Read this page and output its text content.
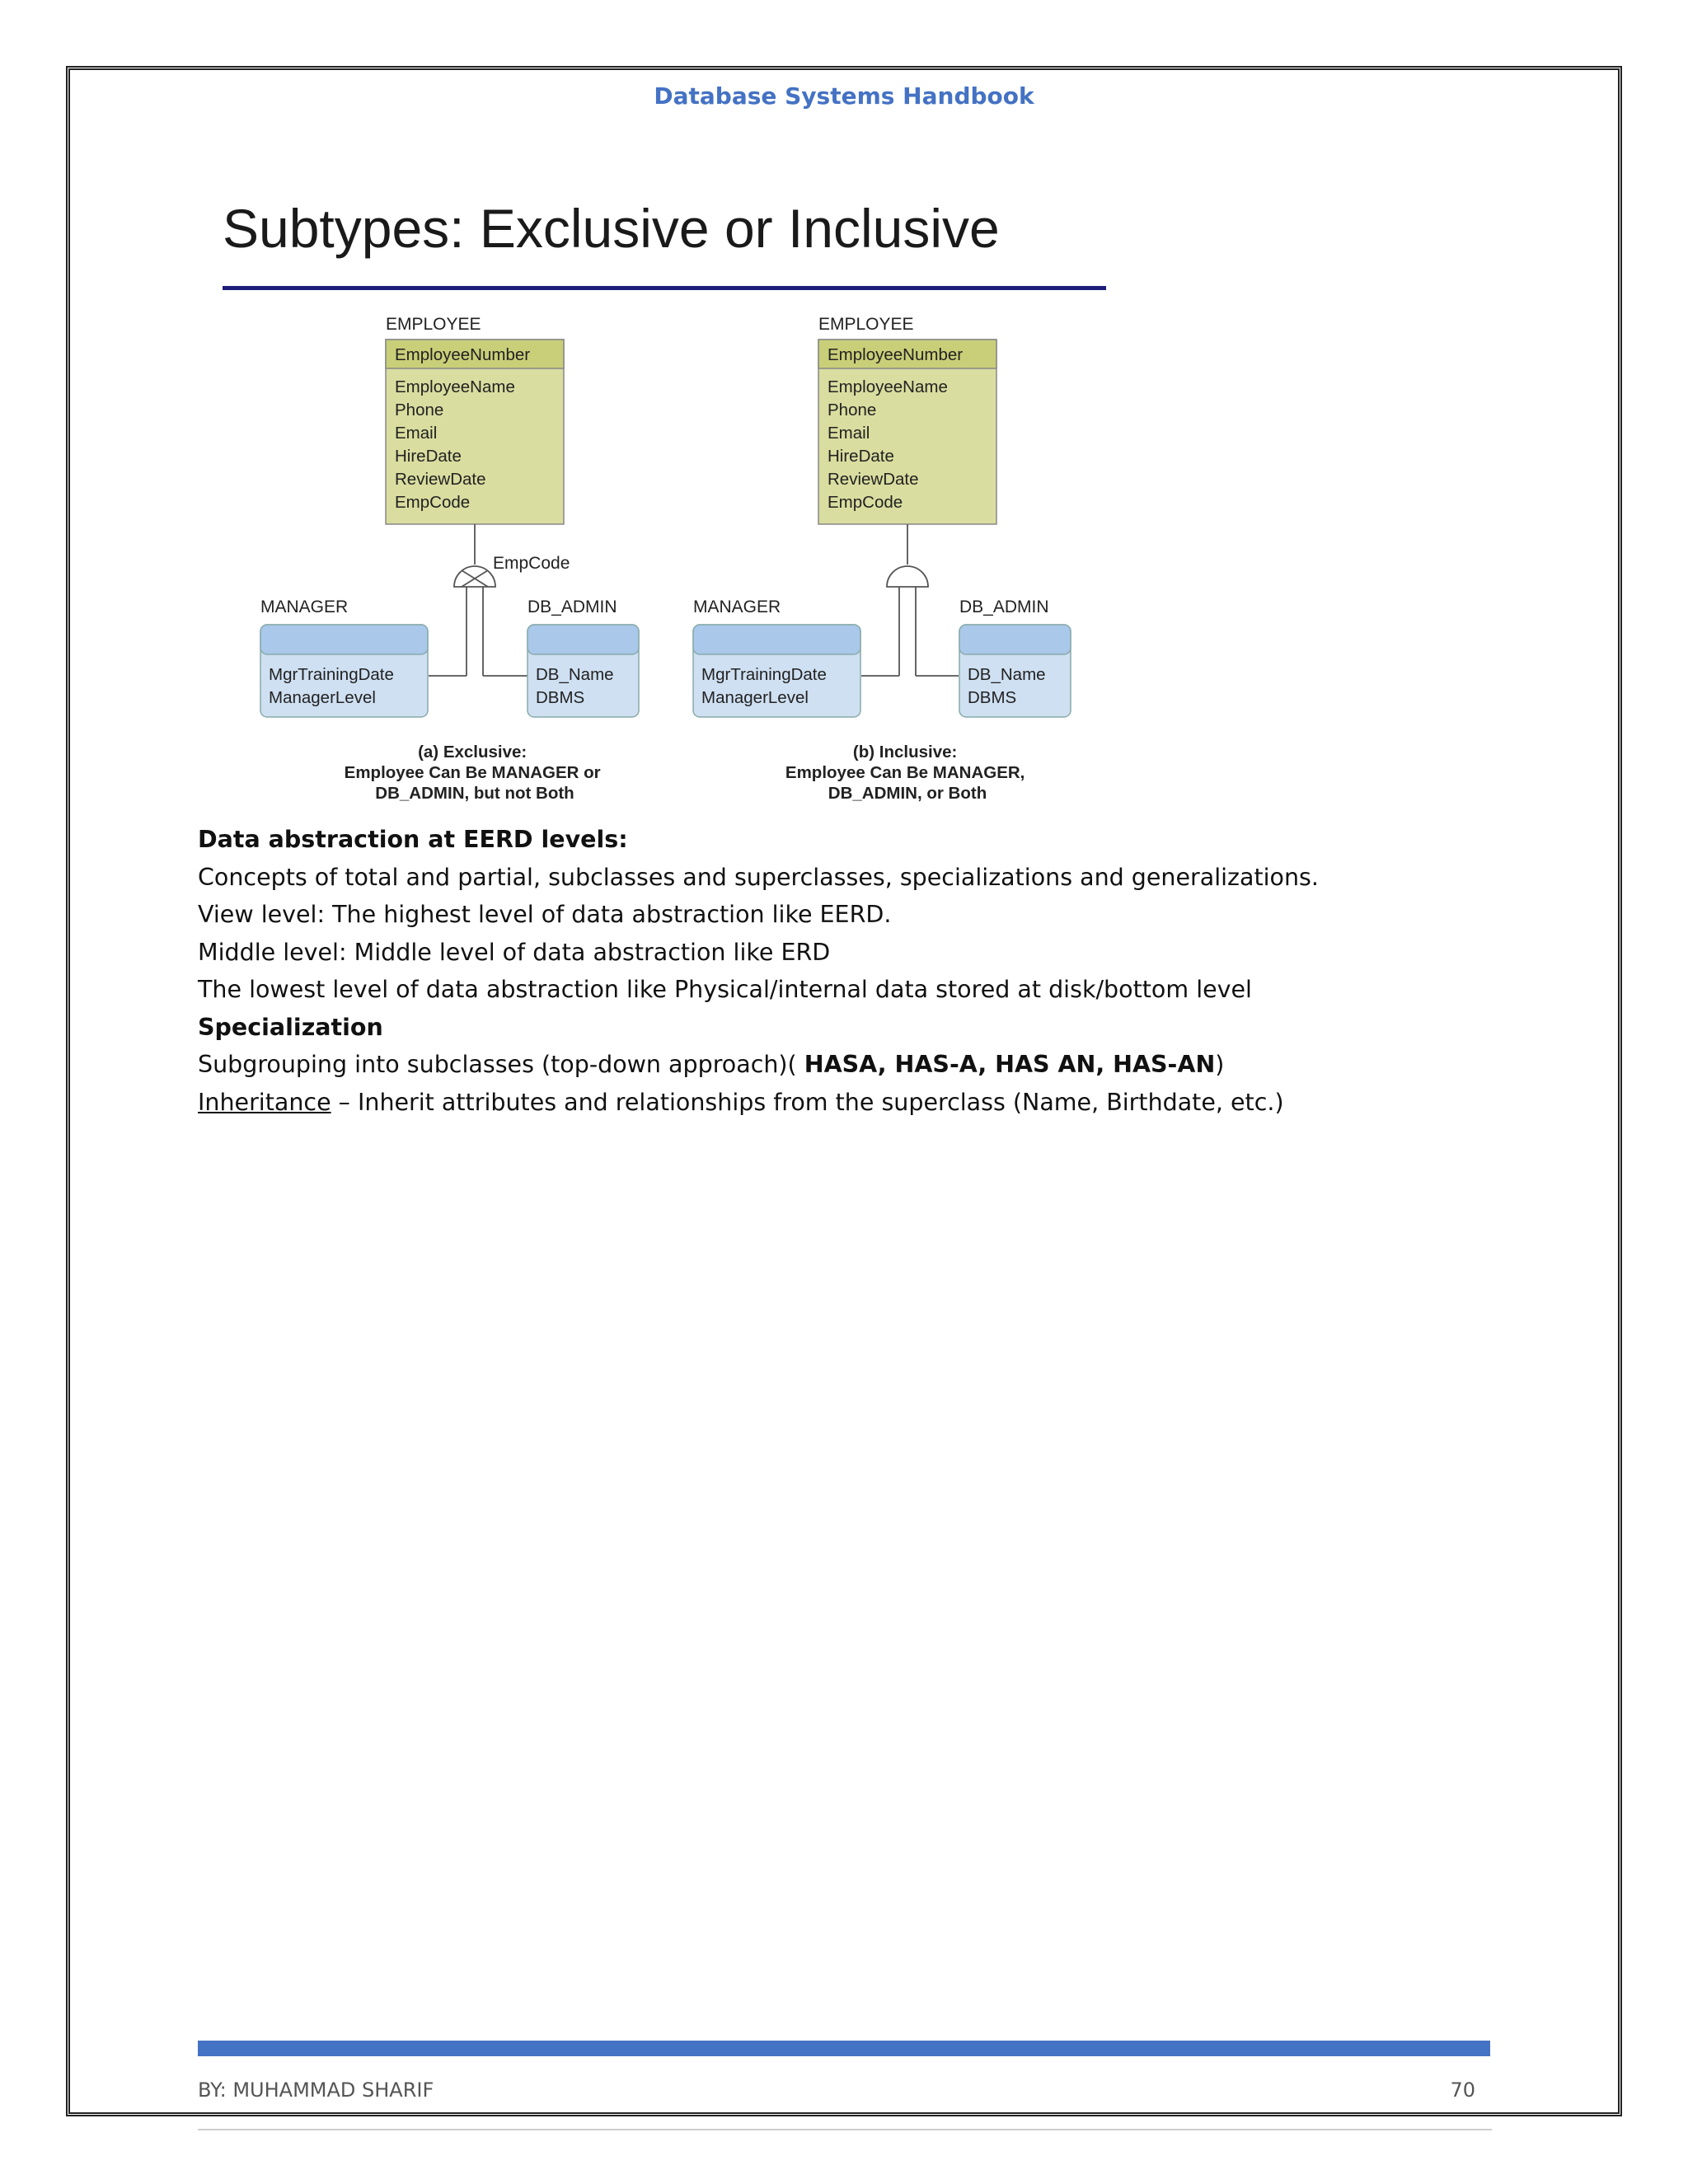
Database Systems Handbook
Subtypes: Exclusive or Inclusive
EMPLOYEE
EmployeeNumber
EmployeeName Phone Email HireDate ReviewDate EmpCode
EmpCode
MANAGER
MgrTrainingDate ManagerLevel
DB_ADMIN
DB_Name DBMS
(a) Exclusive: Employee Can Be MANAGER or DB_ADMIN, but not Both
EMPLOYEE
EmployeeNumber
EmployeeName Phone Email HireDate ReviewDate EmpCode
MANAGER
MgrTrainingDate ManagerLevel
DB_ADMIN
DB_Name DBMS
(b) Inclusive: Employee Can Be MANAGER, DB_ADMIN, or Both

Data abstraction at EERD levels:

Concepts of total and partial, subclasses and superclasses, specializations and generalizations.

View level: The highest level of data abstraction like EERD.

Middle level: Middle level of data abstraction like ERD

The lowest level of data abstraction like Physical/internal data stored at disk/bottom level

Specialization

Subgrouping into subclasses (top-down approach)( HASA, HAS-A, HAS AN, HAS-AN)

Inheritance – Inherit attributes and relationships from the superclass (Name, Birthdate, etc.)

BY: MUHAMMAD SHARIF	70
